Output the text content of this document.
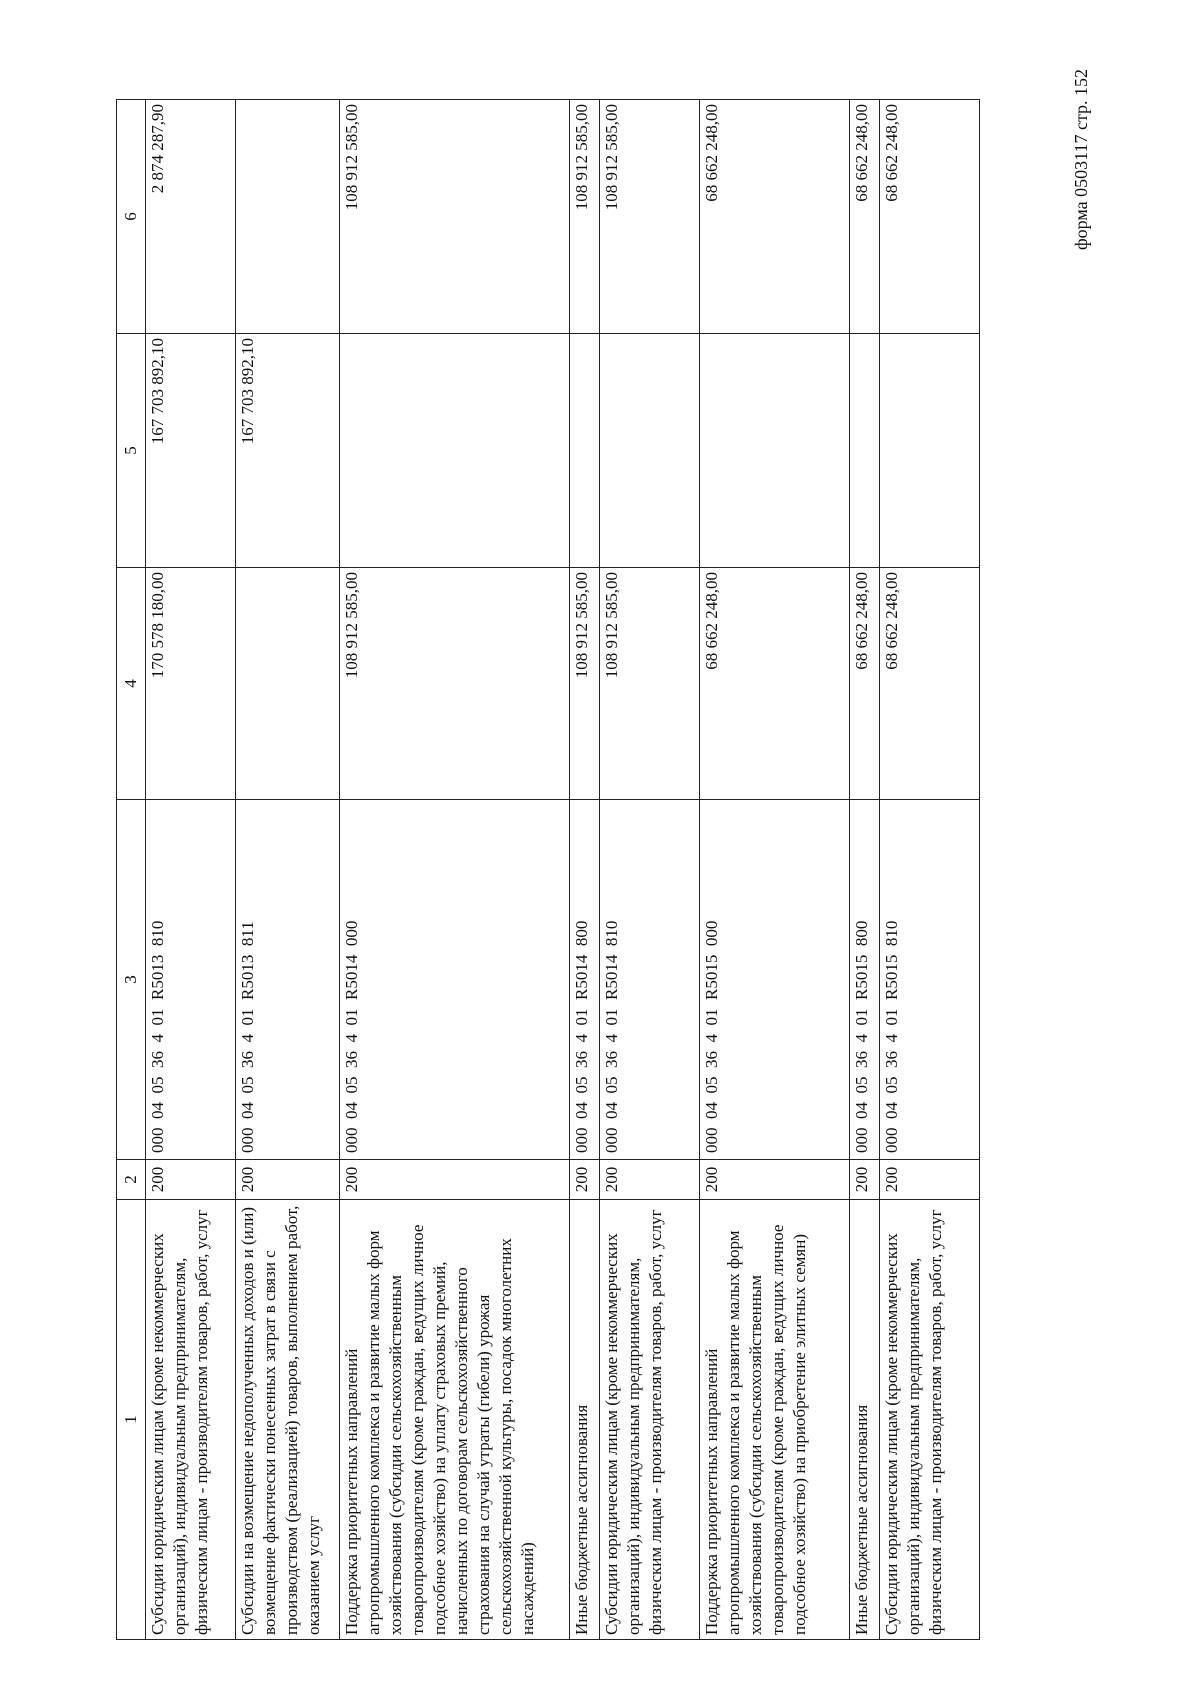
форма 0503117 стр. 152
1	2	3	4	5	6
Субсидии юридическим лицам (кроме некоммерческих организаций), индивидуальным предпринимателям, физическим лицам - производителям товаров, работ, услуг	200	000  04  05  36  4  01  R5013  810	170 578 180,00	167 703 892,10	2 874 287,90
Субсидии на возмещение недополученных доходов и (или) возмещение фактически понесенных затрат в связи с производством (реализацией) товаров, выполнением работ, оказанием услуг	200	000  04  05  36  4  01  R5013  811		167 703 892,10	
Поддержка приоритетных направлений агропромышленного комплекса и развитие малых форм хозяйствования (субсидии сельскохозяйственным товаропроизводителям (кроме граждан, ведущих личное подсобное хозяйство) на уплату страховых премий, начисленных по договорам сельскохозяйственного страхования на случай утраты (гибели) урожая сельскохозяйственной культуры, посадок многолетних насаждений)	200	000  04  05  36  4  01  R5014  000	108 912 585,00		108 912 585,00
Иные бюджетные ассигнования	200	000  04  05  36  4  01  R5014  800	108 912 585,00		108 912 585,00
Субсидии юридическим лицам (кроме некоммерческих организаций), индивидуальным предпринимателям, физическим лицам - производителям товаров, работ, услуг	200	000  04  05  36  4  01  R5014  810	108 912 585,00		108 912 585,00
Поддержка приоритетных направлений агропромышленного комплекса и развитие малых форм хозяйствования (субсидии сельскохозяйственным товаропроизводителям (кроме граждан, ведущих личное подсобное хозяйство) на приобретение элитных семян)	200	000  04  05  36  4  01  R5015  000	68 662 248,00		68 662 248,00
Иные бюджетные ассигнования	200	000  04  05  36  4  01  R5015  800	68 662 248,00		68 662 248,00
Субсидии юридическим лицам (кроме некоммерческих организаций), индивидуальным предпринимателям, физическим лицам - производителям товаров, работ, услуг	200	000  04  05  36  4  01  R5015  810	68 662 248,00		68 662 248,00
